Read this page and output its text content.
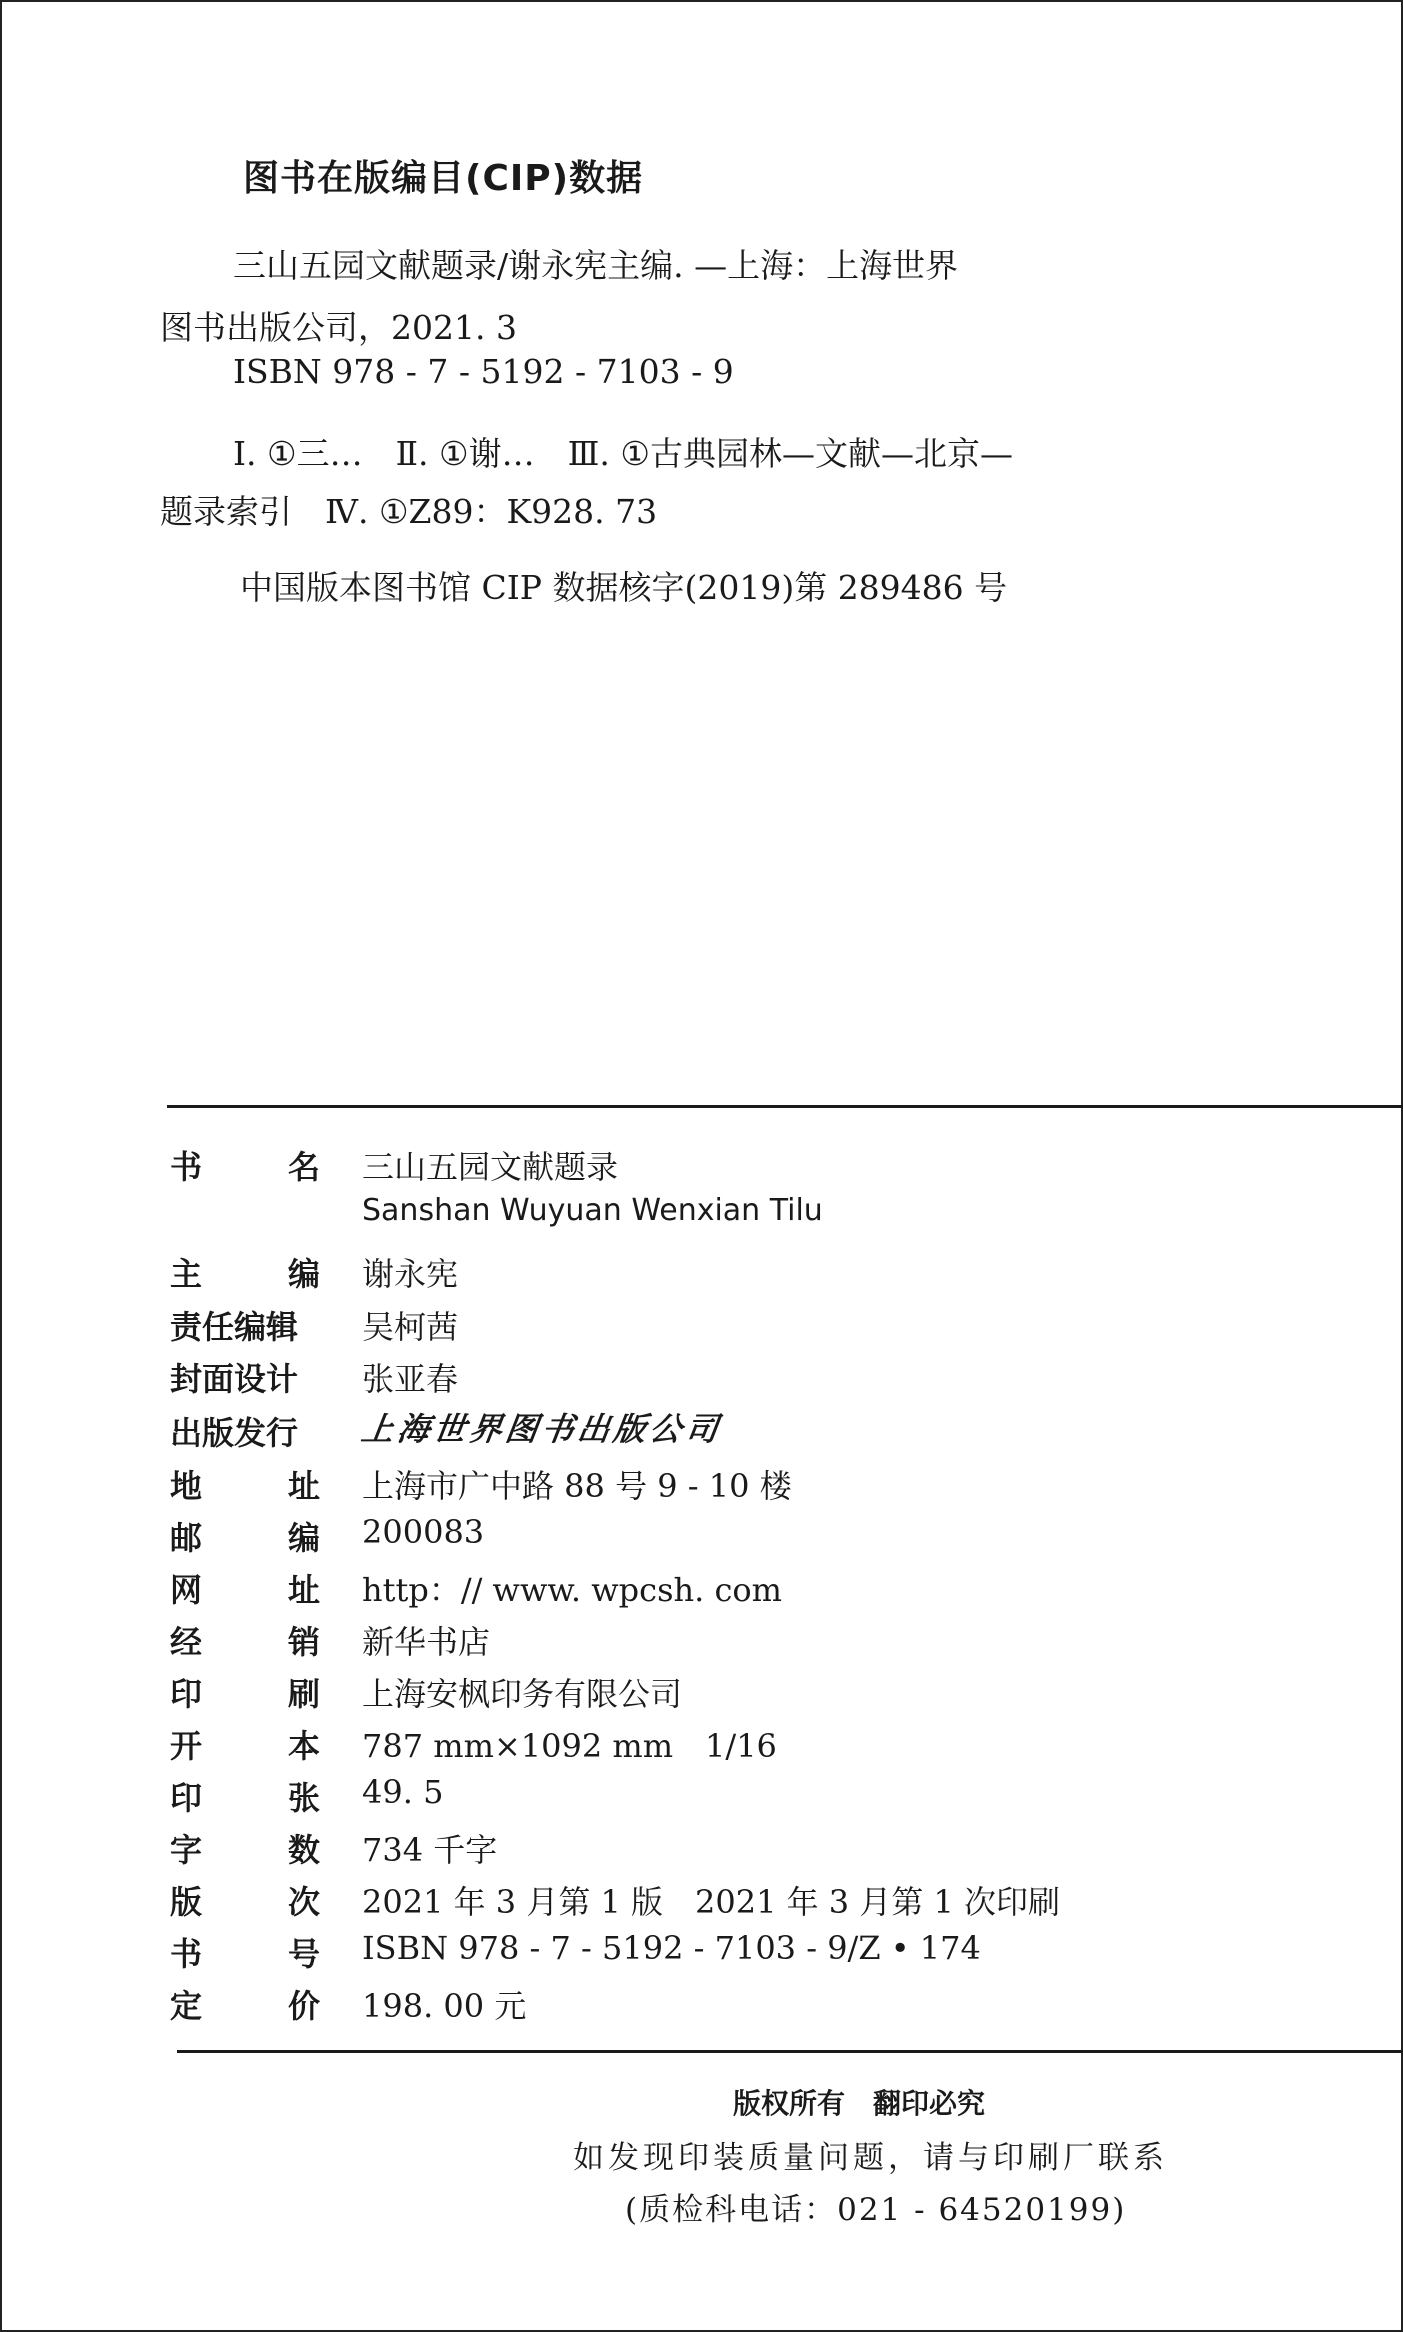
图书在版编目(CIP)数据
三山五园文献题录/谢永宪主编. —上海：上海世界
图书出版公司，2021. 3
ISBN 978 - 7 - 5192 - 7103 - 9
Ⅰ. ①三…　Ⅱ. ①谢…　Ⅲ. ①古典园林—文献—北京—
题录索引　Ⅳ. ①Z89：K928. 73
中国版本图书馆 CIP 数据核字(2019)第 289486 号
书	名 三山五园文献题录
Sanshan Wuyuan Wenxian Tilu
主	编 谢永宪
责任编辑	吴柯茜
封面设计	张亚春
出版发行	上海世界图书出版公司
地	址 上海市广中路 88 号 9 - 10 楼
邮	编 200083
网	址 http：// www. wpcsh. com
经	销 新华书店
印	刷 上海安枫印务有限公司
开	本 787 mm×1092 mm　1/16
印	张 49. 5
字	数 734 千字
版	次 2021 年 3 月第 1 版　2021 年 3 月第 1 次印刷
书	号 ISBN 978 - 7 - 5192 - 7103 - 9/Z • 174
定	价 198. 00 元
版权所有　翻印必究
如发现印装质量问题，请与印刷厂联系
(质检科电话：021 - 64520199)
